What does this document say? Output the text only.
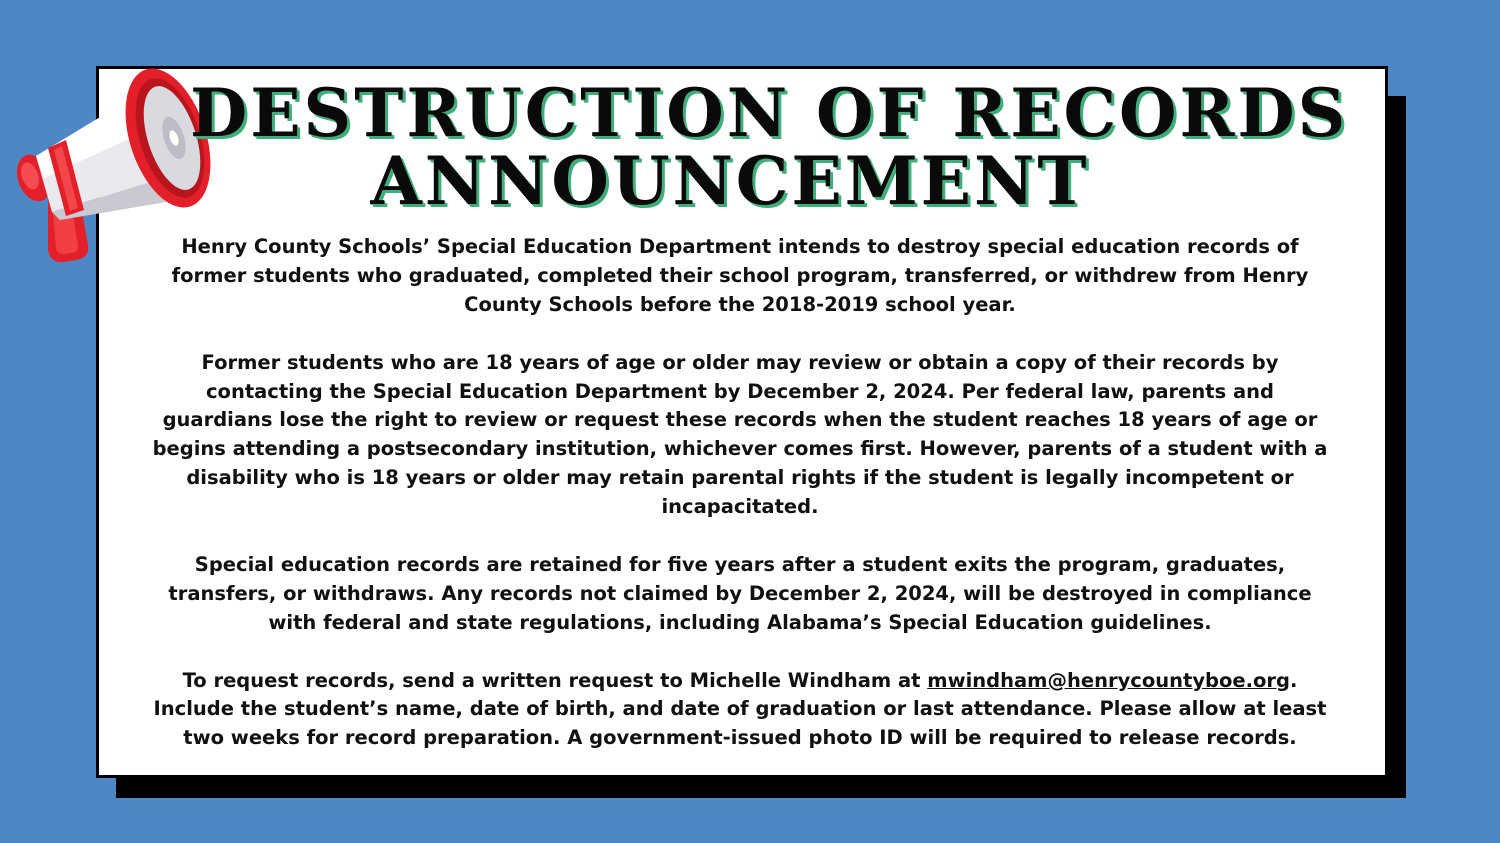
DESTRUCTION OF RECORDS
ANNOUNCEMENT

Henry County Schools’ Special Education Department intends to destroy special education records of former students who graduated, completed their school program, transferred, or withdrew from Henry County Schools before the 2018-2019 school year.

Former students who are 18 years of age or older may review or obtain a copy of their records by contacting the Special Education Department by December 2, 2024. Per federal law, parents and guardians lose the right to review or request these records when the student reaches 18 years of age or begins attending a postsecondary institution, whichever comes first. However, parents of a student with a disability who is 18 years or older may retain parental rights if the student is legally incompetent or incapacitated.

Special education records are retained for five years after a student exits the program, graduates, transfers, or withdraws. Any records not claimed by December 2, 2024, will be destroyed in compliance with federal and state regulations, including Alabama’s Special Education guidelines.

To request records, send a written request to Michelle Windham at mwindham@henrycountyboe.org. Include the student’s name, date of birth, and date of graduation or last attendance. Please allow at least two weeks for record preparation. A government-issued photo ID will be required to release records.
